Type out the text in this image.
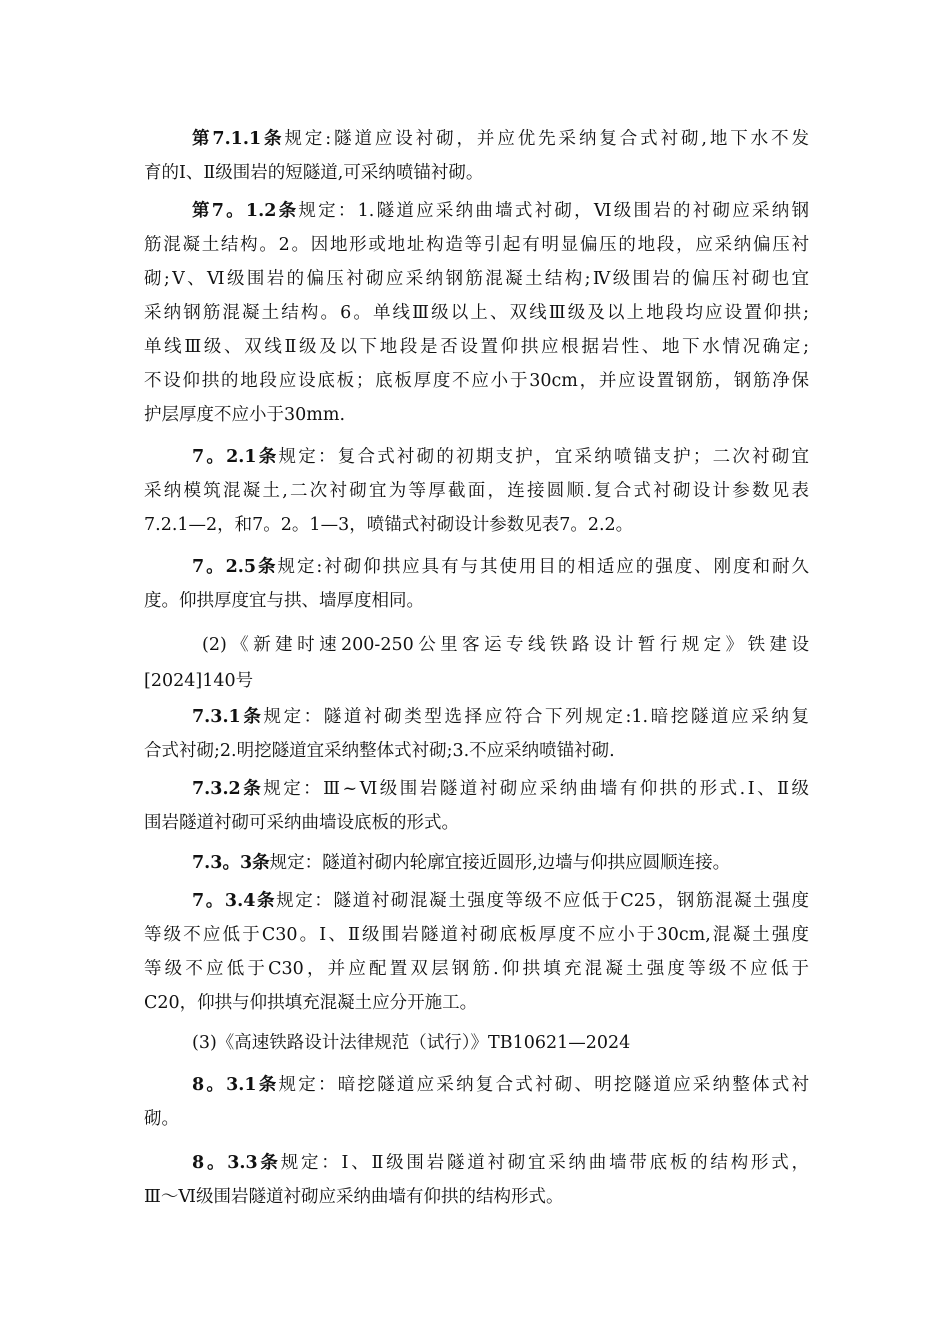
第7.1.1条规定:隧道应设衬砌，并应优先采纳复合式衬砌,地下水不发
育的Ⅰ、Ⅱ级围岩的短隧道,可采纳喷锚衬砌。
第7。1.2条规定：1.隧道应采纳曲墙式衬砌，Ⅵ级围岩的衬砌应采纳钢
筋混凝土结构。2。因地形或地址构造等引起有明显偏压的地段，应采纳偏压衬
砌;Ⅴ、Ⅵ级围岩的偏压衬砌应采纳钢筋混凝土结构;Ⅳ级围岩的偏压衬砌也宜
采纳钢筋混凝土结构。6。单线Ⅲ级以上、双线Ⅲ级及以上地段均应设置仰拱;
单线Ⅲ级、双线Ⅱ级及以下地段是否设置仰拱应根据岩性、地下水情况确定;
不设仰拱的地段应设底板；底板厚度不应小于30cm，并应设置钢筋，钢筋净保
护层厚度不应小于30mm.
7。2.1条规定：复合式衬砌的初期支护，宜采纳喷锚支护；二次衬砌宜
采纳模筑混凝土,二次衬砌宜为等厚截面，连接圆顺.复合式衬砌设计参数见表
7.2.1—2，和7。2。1—3，喷锚式衬砌设计参数见表7。2.2。
7。2.5条规定:衬砌仰拱应具有与其使用目的相适应的强度、刚度和耐久
度。仰拱厚度宜与拱、墙厚度相同。
(2)《新建时速200-250公里客运专线铁路设计暂行规定》铁建设
[2024]140号
7.3.1条规定：隧道衬砌类型选择应符合下列规定:1.暗挖隧道应采纳复
合式衬砌;2.明挖隧道宜采纳整体式衬砌;3.不应采纳喷锚衬砌.
7.3.2条规定：Ⅲ~Ⅵ级围岩隧道衬砌应采纳曲墙有仰拱的形式.Ⅰ、Ⅱ级
围岩隧道衬砌可采纳曲墙设底板的形式。
7.3。3条规定：隧道衬砌内轮廓宜接近圆形,边墙与仰拱应圆顺连接。
7。3.4条规定：隧道衬砌混凝土强度等级不应低于C25，钢筋混凝土强度
等级不应低于C30。Ⅰ、Ⅱ级围岩隧道衬砌底板厚度不应小于30cm,混凝土强度
等级不应低于C30，并应配置双层钢筋.仰拱填充混凝土强度等级不应低于
C20，仰拱与仰拱填充混凝土应分开施工。
(3)《高速铁路设计法律规范（试行）》TB10621—2024
8。3.1条规定：暗挖隧道应采纳复合式衬砌、明挖隧道应采纳整体式衬
砌。
8。3.3条规定：Ⅰ、Ⅱ级围岩隧道衬砌宜采纳曲墙带底板的结构形式，
Ⅲ～Ⅵ级围岩隧道衬砌应采纳曲墙有仰拱的结构形式。
